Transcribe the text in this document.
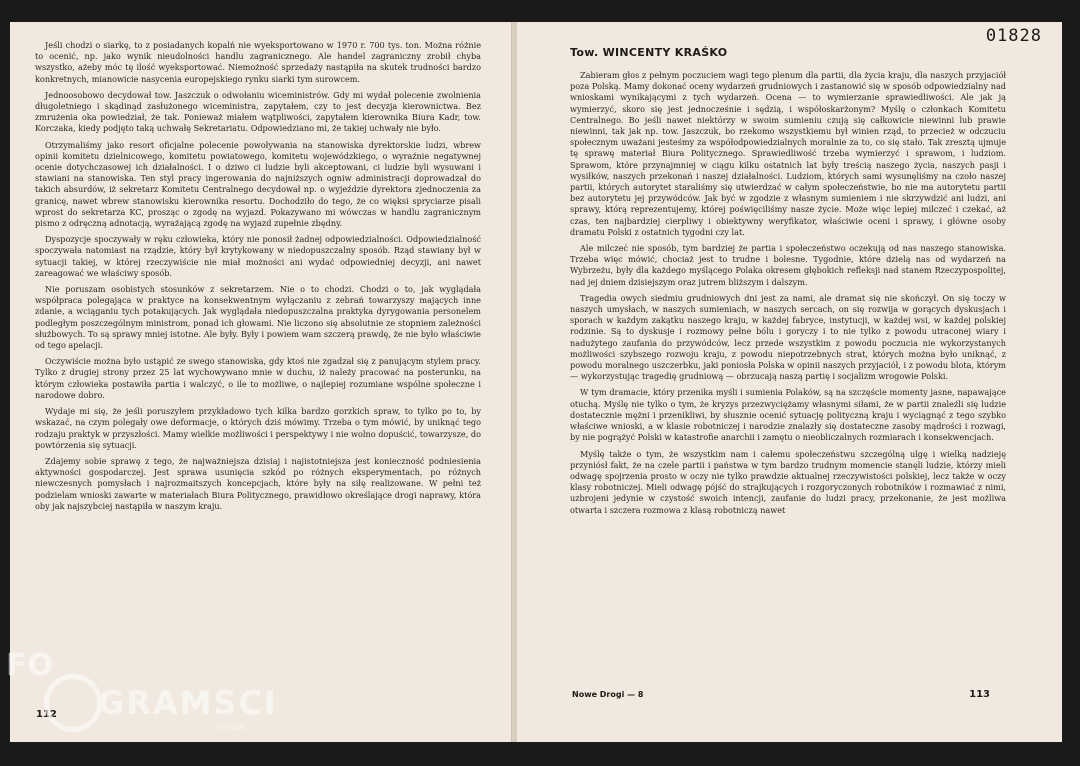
Jeśli chodzi o siarkę, to z posiadanych kopalń nie wyeksportowano w 1970 r. 700 tys. ton. Można różnie to ocenić, np. jako wynik nieudolności handlu zagranicznego. Ale handel zagraniczny zrobił chyba wszystko, ażeby móc tę ilość wyeksportować. Niemożność sprzedaży nastąpiła na skutek trudności bardzo konkretnych, mianowicie nasycenia europejskiego rynku siarki tym surowcem.

Jednoosobowo decydował tow. Jaszczuk o odwołaniu wiceministrów. Gdy mi wydał polecenie zwolnienia długoletniego i skądinąd zasłużonego wiceministra, zapytałem, czy to jest decyzja kierownictwa. Bez zmrużenia oka powiedział, że tak. Ponieważ miałem wątpliwości, zapytałem kierownika Biura Kadr, tow. Korczaka, kiedy podjęto taką uchwałę Sekretariatu. Odpowiedziano mi, że takiej uchwały nie było.

Otrzymaliśmy jako resort oficjalne polecenie powoływania na stanowiska dyrektorskie ludzi, wbrew opinii komitetu dzielnicowego, komitetu powiatowego, komitetu wojewódzkiego, o wyraźnie negatywnej ocenie dotychczasowej ich działalności. I o dziwo ci ludzie byli akceptowani, ci ludzie byli wysuwani i stawiani na stanowiska. Ten styl pracy ingerowania do najniższych ogniw administracji doprowadzał do takich absurdów, iż sekretarz Komitetu Centralnego decydował np. o wyjeździe dyrektora zjednoczenia za granicę, nawet wbrew stanowisku kierownika resortu. Dochodziło do tego, że co więksi spryciarze pisali wprost do sekretarza KC, prosząc o zgodę na wyjazd. Pokazywano mi wówczas w handlu zagranicznym pismo z odręczną adnotacją, wyrażającą zgodę na wyjazd zupełnie zbędny.

Dyspozycje spoczywały w ręku człowieka, który nie ponosił żadnej odpowiedzialności. Odpowiedzialność spoczywała natomiast na rządzie, który był krytykowany w niedopuszczalny sposób. Rząd stawiany był w sytuacji takiej, w której rzeczywiście nie miał możności ani wydać odpowiedniej decyzji, ani nawet zareagować we właściwy sposób.

Nie poruszam osobistych stosunków z sekretarzem. Nie o to chodzi. Chodzi o to, jak wyglądała współpraca polegająca w praktyce na konsekwentnym wyłączaniu z zebrań towarzyszy mających inne zdanie, a wciąganiu tych potakujących. Jak wyglądała niedopuszczalna praktyka dyrygowania personelem podległym poszczególnym ministrom, ponad ich głowami. Nie liczono się absolutnie ze stopniem zależności służbowych. To są sprawy mniej istotne. Ale były. Były i powiem wam szczerą prawdę, że nie było właściwie od tego apelacji.

Oczywiście można było ustąpić ze swego stanowiska, gdy ktoś nie zgadzał się z panującym stylem pracy. Tylko z drugiej strony przez 25 lat wychowywano mnie w duchu, iż należy pracować na posterunku, na którym człowieka postawiła partia i walczyć, o ile to możliwe, o najlepiej rozumiane wspólne społeczne i narodowe dobro.

Wydaje mi się, że jeśli poruszyłem przykładowo tych kilka bardzo gorzkich spraw, to tylko po to, by wskazać, na czym polegały owe deformacje, o których dziś mówimy. Trzeba o tym mówić, by uniknąć tego rodzaju praktyk w przyszłości. Mamy wielkie możliwości i perspektywy i nie wolno dopuścić, towarzysze, do powtórzenia się sytuacji.

Zdajemy sobie sprawę z tego, że najważniejsza dzisiaj i najistotniejsza jest konieczność podniesienia aktywności gospodarczej. Jest sprawa usunięcia szkód po różnych eksperymentach, po różnych niewczesnych pomysłach i najrozmaitszych koncepcjach, które były na siłę realizowane. W pełni też podzielam wnioski zawarte w materiałach Biura Politycznego, prawidłowo określające drogi naprawy, która oby jak najszybciej nastąpiła w naszym kraju.

112
01828
Tow. WINCENTY KRAŚKO

Zabieram głos z pełnym poczuciem wagi tego plenum dla partii, dla życia kraju, dla naszych przyjaciół poza Polską. Mamy dokonać oceny wydarzeń grudniowych i zastanowić się w sposób odpowiedzialny nad wnioskami wynikającymi z tych wydarzeń. Ocena — to wymierzanie sprawiedliwości. Ale jak ją wymierzyć, skoro się jest jednocześnie i sędzią, i współoskarżonym? Myślę o członkach Komitetu Centralnego. Bo jeśli nawet niektórzy w swoim sumieniu czują się całkowicie niewinni lub prawie niewinni, tak jak np. tow. Jaszczuk, bo rzekomo wszystkiemu był winien rząd, to przecież w odczuciu społecznym uważani jesteśmy za współodpowiedzialnych moralnie za to, co się stało. Tak zresztą ujmuje tę sprawę materiał Biura Politycznego. Sprawiedliwość trzeba wymierzyć i sprawom, i ludziom. Sprawom, które przynajmniej w ciągu kilku ostatnich lat były treścią naszego życia, naszych pasji i wysiłków, naszych przekonań i naszej działalności. Ludziom, których sami wysunęliśmy na czoło naszej partii, których autorytet staraliśmy się utwierdzać w całym społeczeństwie, bo nie ma autorytetu partii bez autorytetu jej przywódców. Jak być w zgodzie z własnym sumieniem i nie skrzywdzić ani ludzi, ani sprawy, którą reprezentujemy, której poświęciliśmy nasze życie. Może więc lepiej milczeć i czekać, aż czas, ten najbardziej cierpliwy i obiektywny weryfikator, właściwie oceni i sprawy, i główne osoby dramatu Polski z ostatnich tygodni czy lat.

Ale milczeć nie sposób, tym bardziej że partia i społeczeństwo oczekują od nas naszego stanowiska. Trzeba więc mówić, chociaż jest to trudne i bolesne. Tygodnie, które dzielą nas od wydarzeń na Wybrzeżu, były dla każdego myślącego Polaka okresem głębokich refleksji nad stanem Rzeczypospolitej, nad jej dniem dzisiejszym oraz jutrem bliższym i dalszym.

Tragedia owych siedmiu grudniowych dni jest za nami, ale dramat się nie skończył. On się toczy w naszych umysłach, w naszych sumieniach, w naszych sercach, on się rozwija w gorących dyskusjach i sporach w każdym zakątku naszego kraju, w każdej fabryce, instytucji, w każdej wsi, w każdej polskiej rodzinie. Są to dyskusje i rozmowy pełne bólu i goryczy i to nie tylko z powodu utraconej wiary i nadużytego zaufania do przywódców, lecz przede wszystkim z powodu poczucia nie wykorzystanych możliwości szybszego rozwoju kraju, z powodu niepotrzebnych strat, których można było uniknąć, z powodu moralnego uszczerbku, jaki poniosła Polska w opinii naszych przyjaciół, i z powodu blota, którym — wykorzystując tragedię grudniową — obrzucają naszą partię i socjalizm wrogowie Polski.

W tym dramacie, który przenika myśli i sumienia Polaków, są na szczęście momenty jasne, napawające otuchą. Myślę nie tylko o tym, że kryzys przezwyciężamy własnymi siłami, że w partii znaleźli się ludzie dostatecznie mężni i przenikliwi, by słusznie ocenić sytuację polityczną kraju i wyciągnąć z tego szybko właściwe wnioski, a w klasie robotniczej i narodzie znalazły się dostateczne zasoby mądrości i rozwagi, by nie pogrążyć Polski w katastrofie anarchii i zamętu o nieobliczalnych rozmiarach i konsekwencjach.

Myślę także o tym, że wszystkim nam i całemu społeczeństwu szczególną ulgę i wielką nadzieję przyniósł fakt, że na czele partii i państwa w tym bardzo trudnym momencie stanęli ludzie, którzy mieli odwagę spojrzenia prosto w oczy nie tylko prawdzie aktualnej rzeczywistości polskiej, lecz także w oczy klasy robotniczej. Mieli odwagę pójść do strajkujących i rozgoryczonych robotników i rozmawiać z nimi, uzbrojeni jedynie w czystość swoich intencji, zaufanie do ludzi pracy, przekonanie, że jest możliwa otwarta i szczera rozmowa z klasą robotniczą nawet

Nowe Drogi — 8	113
FO
GRAMSCI
onlus
